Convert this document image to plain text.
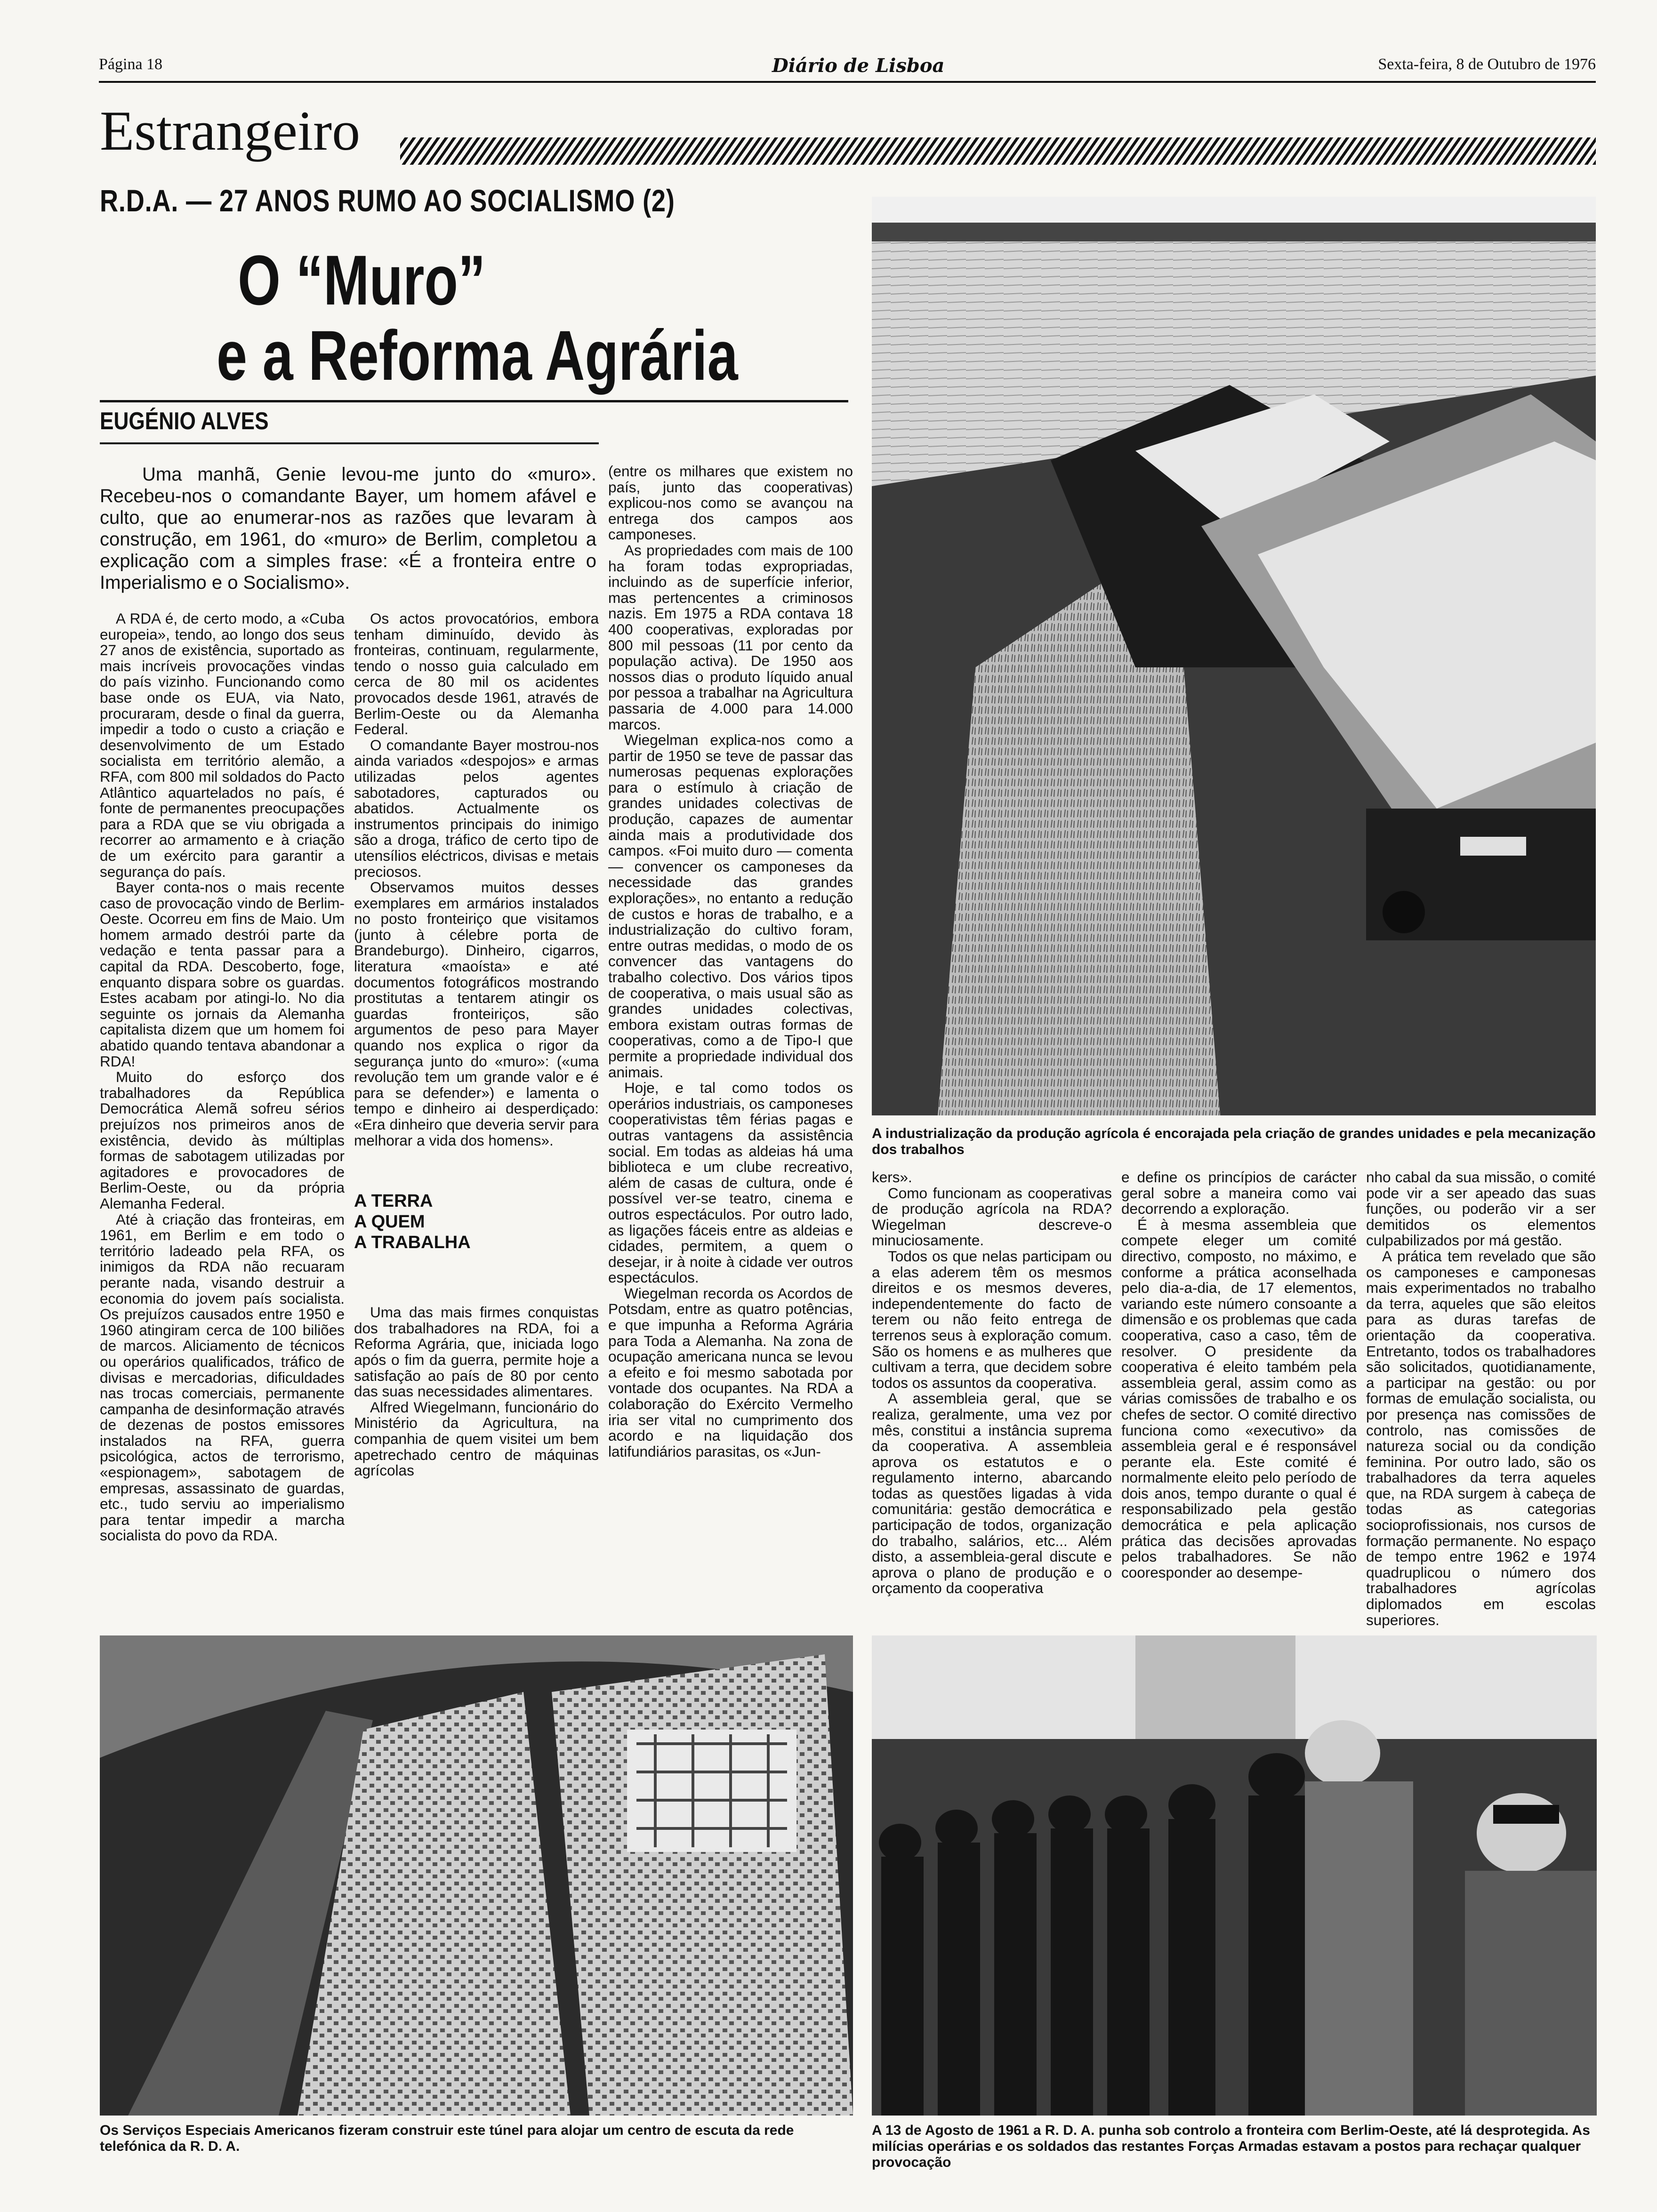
Página 18	Diário de Lisboa	Sexta-feira, 8 de Outubro de 1976
Estrangeiro
R.D.A. — 27 ANOS RUMO AO SOCIALISMO (2)
O “Muro”
e a Reforma Agrária
EUGÉNIO ALVES
Uma manhã, Genie levou-me junto do «muro». Recebeu-nos o comandante Bayer, um homem afável e culto, que ao enumerar-nos as razões que levaram à construção, em 1961, do «muro» de Berlim, completou a explicação com a simples frase: «É a fronteira entre o Imperialismo e o Socialismo».

A RDA é, de certo modo, a «Cuba europeia», tendo, ao longo dos seus 27 anos de existência, suportado as mais incríveis provocações vindas do país vizinho. Funcionando como base onde os EUA, via Nato, procuraram, desde o final da guerra, impedir a todo o custo a criação e desenvolvimento de um Estado socialista em território alemão, a RFA, com 800 mil soldados do Pacto Atlântico aquartelados no país, é fonte de permanentes preocupações para a RDA que se viu obrigada a recorrer ao armamento e à criação de um exército para garantir a segurança do país.

Bayer conta-nos o mais recente caso de provocação vindo de Berlim-Oeste. Ocorreu em fins de Maio. Um homem armado destrói parte da vedação e tenta passar para a capital da RDA. Descoberto, foge, enquanto dispara sobre os guardas. Estes acabam por atingi-lo. No dia seguinte os jornais da Alemanha capitalista dizem que um homem foi abatido quando tentava abandonar a RDA!

Muito do esforço dos trabalhadores da República Democrática Alemã sofreu sérios prejuízos nos primeiros anos de existência, devido às múltiplas formas de sabotagem utilizadas por agitadores e provocadores de Berlim-Oeste, ou da própria Alemanha Federal.

Até à criação das fronteiras, em 1961, em Berlim e em todo o território ladeado pela RFA, os inimigos da RDA não recuaram perante nada, visando destruir a economia do jovem país socialista. Os prejuízos causados entre 1950 e 1960 atingiram cerca de 100 biliões de marcos. Aliciamento de técnicos ou operários qualificados, tráfico de divisas e mercadorias, dificuldades nas trocas comerciais, permanente campanha de desinformação através de dezenas de postos emissores instalados na RFA, guerra psicológica, actos de terrorismo, «espionagem», sabotagem de empresas, assassinato de guardas, etc., tudo serviu ao imperialismo para tentar impedir a marcha socialista do povo da RDA.

Os actos provocatórios, embora tenham diminuído, devido às fronteiras, continuam, regularmente, tendo o nosso guia calculado em cerca de 80 mil os acidentes provocados desde 1961, através de Berlim-Oeste ou da Alemanha Federal.

O comandante Bayer mostrou-nos ainda variados «despojos» e armas utilizadas pelos agentes sabotadores, capturados ou abatidos. Actualmente os instrumentos principais do inimigo são a droga, tráfico de certo tipo de utensílios eléctricos, divisas e metais preciosos.

Observamos muitos desses exemplares em armários instalados no posto fronteiriço que visitamos (junto à célebre porta de Brandeburgo). Dinheiro, cigarros, literatura «maoísta» e até documentos fotográficos mostrando prostitutas a tentarem atingir os guardas fronteiriços, são argumentos de peso para Mayer quando nos explica o rigor da segurança junto do «muro»: («uma revolução tem um grande valor e é para se defender») e lamenta o tempo e dinheiro ai desperdiçado: «Era dinheiro que deveria servir para melhorar a vida dos homens».

A TERRA
A QUEM
A TRABALHA

Uma das mais firmes conquistas dos trabalhadores na RDA, foi a Reforma Agrária, que, iniciada logo após o fim da guerra, permite hoje a satisfação ao país de 80 por cento das suas necessidades alimentares.

Alfred Wiegelmann, funcionário do Ministério da Agricultura, na companhia de quem visitei um bem apetrechado centro de máquinas agrícolas

(entre os milhares que existem no país, junto das cooperativas) explicou-nos como se avançou na entrega dos campos aos camponeses.

As propriedades com mais de 100 ha foram todas expropriadas, incluindo as de superfície inferior, mas pertencentes a criminosos nazis. Em 1975 a RDA contava 18 400 cooperativas, exploradas por 800 mil pessoas (11 por cento da população activa). De 1950 aos nossos dias o produto líquido anual por pessoa a trabalhar na Agricultura passaria de 4.000 para 14.000 marcos.

Wiegelman explica-nos como a partir de 1950 se teve de passar das numerosas pequenas explorações para o estímulo à criação de grandes unidades colectivas de produção, capazes de aumentar ainda mais a produtividade dos campos. «Foi muito duro — comenta — convencer os camponeses da necessidade das grandes explorações», no entanto a redução de custos e horas de trabalho, e a industrialização do cultivo foram, entre outras medidas, o modo de os convencer das vantagens do trabalho colectivo. Dos vários tipos de cooperativa, o mais usual são as grandes unidades colectivas, embora existam outras formas de cooperativas, como a de Tipo-I que permite a propriedade individual dos animais.

Hoje, e tal como todos os operários industriais, os camponeses cooperativistas têm férias pagas e outras vantagens da assistência social. Em todas as aldeias há uma biblioteca e um clube recreativo, além de casas de cultura, onde é possível ver-se teatro, cinema e outros espectáculos. Por outro lado, as ligações fáceis entre as aldeias e cidades, permitem, a quem o desejar, ir à noite à cidade ver outros espectáculos.

Wiegelman recorda os Acordos de Potsdam, entre as quatro potências, e que impunha a Reforma Agrária para Toda a Alemanha. Na zona de ocupação americana nunca se levou a efeito e foi mesmo sabotada por vontade dos ocupantes. Na RDA a colaboração do Exército Vermelho iria ser vital no cumprimento dos acordo e na liquidação dos latifundiários parasitas, os «Jun-

A industrialização da produção agrícola é encorajada pela criação de grandes unidades e pela mecanização dos trabalhos

kers».

Como funcionam as cooperativas de produção agrícola na RDA? Wiegelman descreve-o minuciosamente.

Todos os que nelas participam ou a elas aderem têm os mesmos direitos e os mesmos deveres, independentemente do facto de terem ou não feito entrega de terrenos seus à exploração comum. São os homens e as mulheres que cultivam a terra, que decidem sobre todos os assuntos da cooperativa.

A assembleia geral, que se realiza, geralmente, uma vez por mês, constitui a instância suprema da cooperativa. A assembleia aprova os estatutos e o regulamento interno, abarcando todas as questões ligadas à vida comunitária: gestão democrática e participação de todos, organização do trabalho, salários, etc... Além disto, a assembleia-geral discute e aprova o plano de produção e o orçamento da cooperativa

e define os princípios de carácter geral sobre a maneira como vai decorrendo a exploração.

É à mesma assembleia que compete eleger um comité directivo, composto, no máximo, e conforme a prática aconselhada pelo dia-a-dia, de 17 elementos, variando este número consoante a dimensão e os problemas que cada cooperativa, caso a caso, têm de resolver. O presidente da cooperativa é eleito também pela assembleia geral, assim como as várias comissões de trabalho e os chefes de sector. O comité directivo funciona como «executivo» da assembleia geral e é responsável perante ela. Este comité é normalmente eleito pelo período de dois anos, tempo durante o qual é responsabilizado pela gestão democrática e pela aplicação prática das decisões aprovadas pelos trabalhadores. Se não cooresponder ao desempe-

nho cabal da sua missão, o comité pode vir a ser apeado das suas funções, ou poderão vir a ser demitidos os elementos culpabilizados por má gestão.

A prática tem revelado que são os camponeses e camponesas mais experimentados no trabalho da terra, aqueles que são eleitos para as duras tarefas de orientação da cooperativa. Entretanto, todos os trabalhadores são solicitados, quotidianamente, a participar na gestão: ou por formas de emulação socialista, ou por presença nas comissões de controlo, nas comissões de natureza social ou da condição feminina. Por outro lado, são os trabalhadores da terra aqueles que, na RDA surgem à cabeça de todas as categorias socioprofissionais, nos cursos de formação permanente. No espaço de tempo entre 1962 e 1974 quadruplicou o número dos trabalhadores agrícolas diplomados em escolas superiores.

Os Serviços Especiais Americanos fizeram construir este túnel para alojar um centro de escuta da rede telefónica da R. D. A.
A 13 de Agosto de 1961 a R. D. A. punha sob controlo a fronteira com Berlim-Oeste, até lá desprotegida. As milícias operárias e os soldados das restantes Forças Armadas estavam a postos para rechaçar qualquer provocação
